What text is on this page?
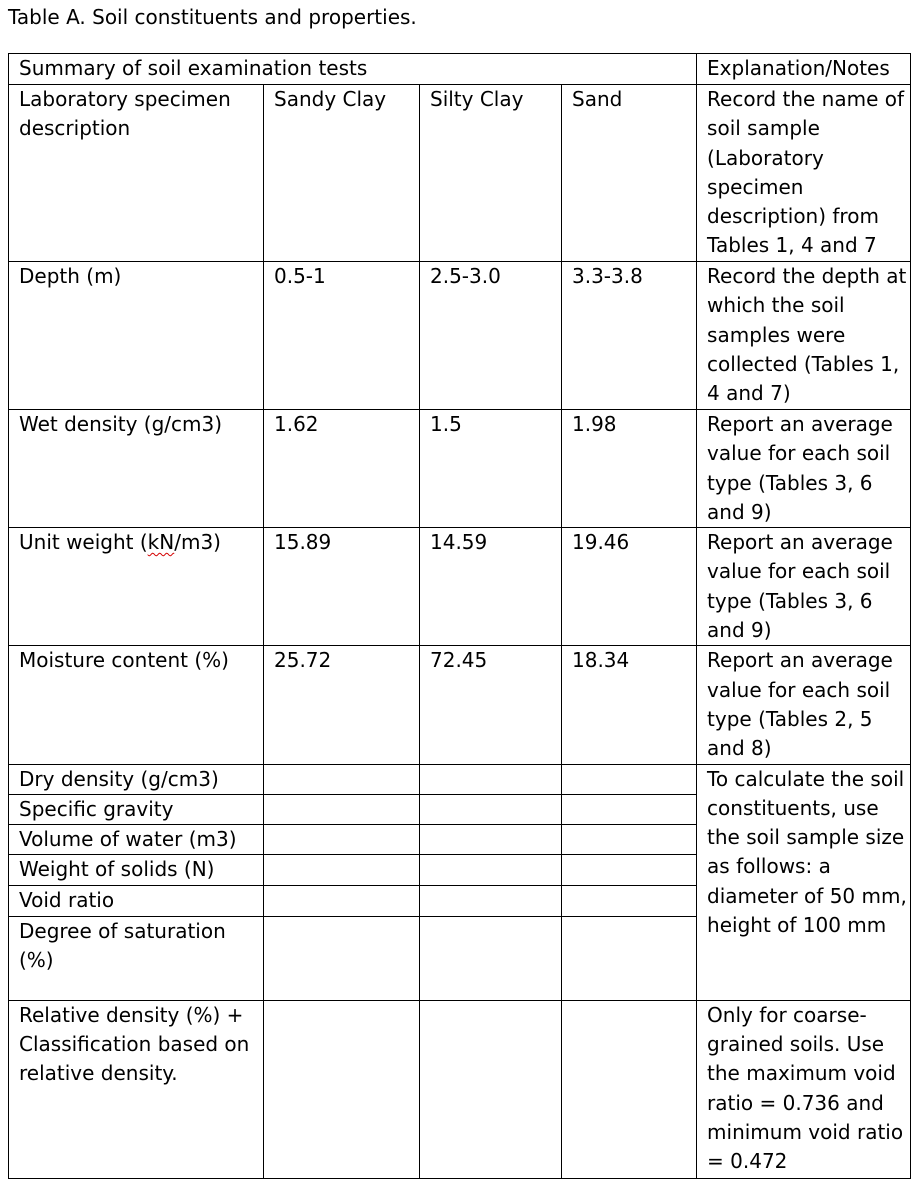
Table A. Soil constituents and properties.
Summary of soil examination tests				Explanation/Notes
Laboratory specimen description	Sandy Clay	Silty Clay	Sand	Record the name of soil sample (Laboratory specimen description) from Tables 1, 4 and 7
Depth (m)	0.5-1	2.5-3.0	3.3-3.8	Record the depth at which the soil samples were collected (Tables 1, 4 and 7)
Wet density (g/cm3)	1.62	1.5	1.98	Report an average value for each soil type (Tables 3, 6 and 9)
Unit weight (kN/m3)	15.89	14.59	19.46	Report an average value for each soil type (Tables 3, 6 and 9)
Moisture content (%)	25.72	72.45	18.34	Report an average value for each soil type (Tables 2, 5 and 8)
Dry density (g/cm3)				To calculate the soil constituents, use the soil sample size as follows: a diameter of 50 mm, height of 100 mm
Specific gravity				
Volume of water (m3)				
Weight of solids (N)				
Void ratio				
Degree of saturation (%)				
Relative density (%) + Classification based on relative density.				Only for coarse-grained soils. Use the maximum void ratio = 0.736 and minimum void ratio = 0.472
